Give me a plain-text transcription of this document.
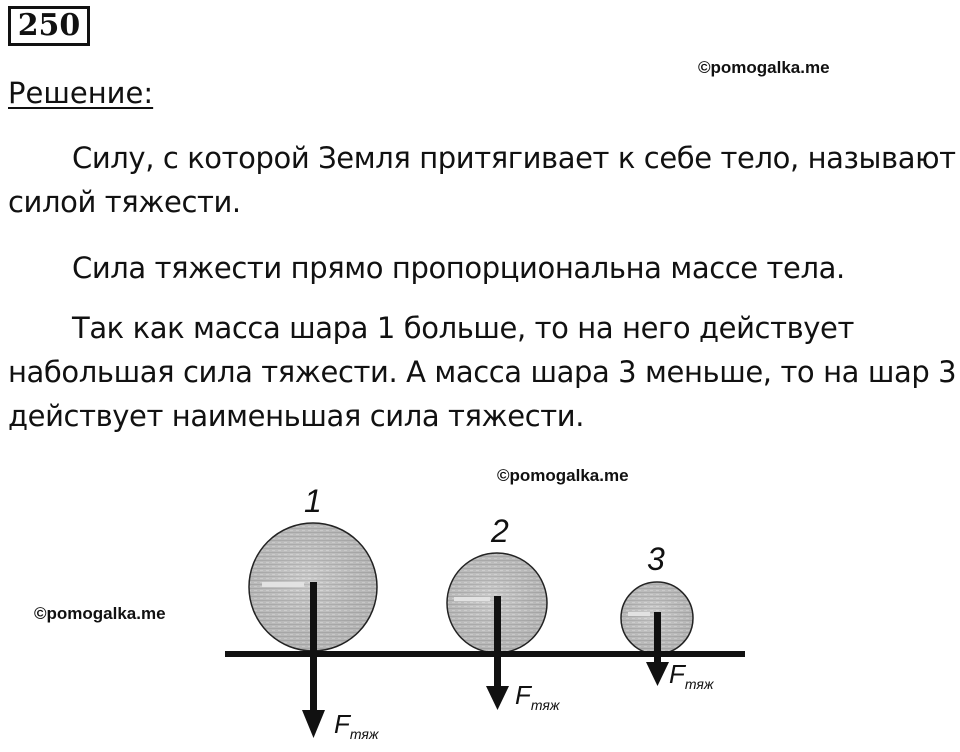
250
©pomogalka.me
Решение:

Силу, с которой Земля притягивает к себе тело, называют силой тяжести.

Сила тяжести прямо пропорциональна массе тела.

Так как масса шара 1 больше, то на него действует набольшая сила тяжести. А масса шара 3 меньше, то на шар 3 действует наименьшая сила тяжести.

©pomogalka.me
©pomogalka.me
1
2
3
$F_{тяж}$
$F_{тяж}$
$F_{тяж}$
